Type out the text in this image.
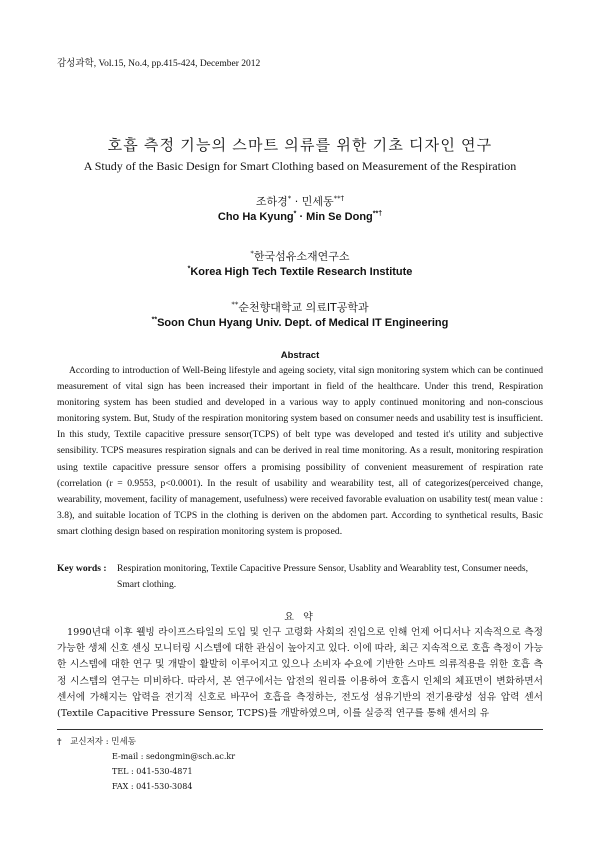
감성과학, Vol.15, No.4, pp.415-424, December 2012
호흡 측정 기능의 스마트 의류를 위한 기초 디자인 연구
A Study of the Basic Design for Smart Clothing based on Measurement of the Respiration
조하경* · 민세동**†
Cho Ha Kyung* · Min Se Dong**†
*한국섬유소재연구소
*Korea High Tech Textile Research Institute
**순천향대학교 의료IT공학과
**Soon Chun Hyang Univ. Dept. of Medical IT Engineering
Abstract

According to introduction of Well-Being lifestyle and ageing society, vital sign monitoring system which can be continued measurement of vital sign has been increased their important in field of the healthcare. Under this trend, Respiration monitoring system has been studied and developed in a various way to apply continued monitoring and non-conscious monitoring system. But, Study of the respiration monitoring system based on consumer needs and usability test is insufficient. In this study, Textile capacitive pressure sensor(TCPS) of belt type was developed and tested it's utility and subjective sensibility. TCPS measures respiration signals and can be derived in real time monitoring. As a result, monitoring respiration using textile capacitive pressure sensor offers a promising possibility of convenient measurement of respiration rate (correlation (r = 0.9553, p<0.0001). In the result of usability and wearability test, all of categorizes(perceived change, wearability, movement, facility of management, usefulness) were received favorable evaluation on usability test( mean value : 3.8), and suitable location of TCPS in the clothing is deriven on the abdomen part. According to synthetical results, Basic smart clothing design based on respiration monitoring system is proposed.

Key words :	Respiration monitoring, Textile Capacitive Pressure Sensor, Usablity and Wearablity test, Consumer needs, Smart clothing.
요 약

1990년대 이후 웰빙 라이프스타일의 도입 및 인구 고령화 사회의 진입으로 인해 언제 어디서나 지속적으로 측정가능한 생체 신호 센싱 모니터링 시스템에 대한 관심이 높아지고 있다. 이에 따라, 최근 지속적으로 호흡 측정이 가능한 시스템에 대한 연구 및 개발이 활발히 이루어지고 있으나 소비자 수요에 기반한 스마트 의류적용을 위한 호흡 측정 시스템의 연구는 미비하다. 따라서, 본 연구에서는 압전의 원리를 이용하여 호흡시 인체의 체표면이 변화하면서 센서에 가해지는 압력을 전기적 신호로 바꾸어 호흡을 측정하는, 전도성 섬유기반의 전기용량성 섬유 압력 센서(Textile Capacitive Pressure Sensor, TCPS)를 개발하였으며, 이를 실증적 연구를 통해 센서의 유

† 교신저자 : 민세동
E-mail : sedongmin@sch.ac.kr
TEL : 041-530-4871
FAX : 041-530-3084
